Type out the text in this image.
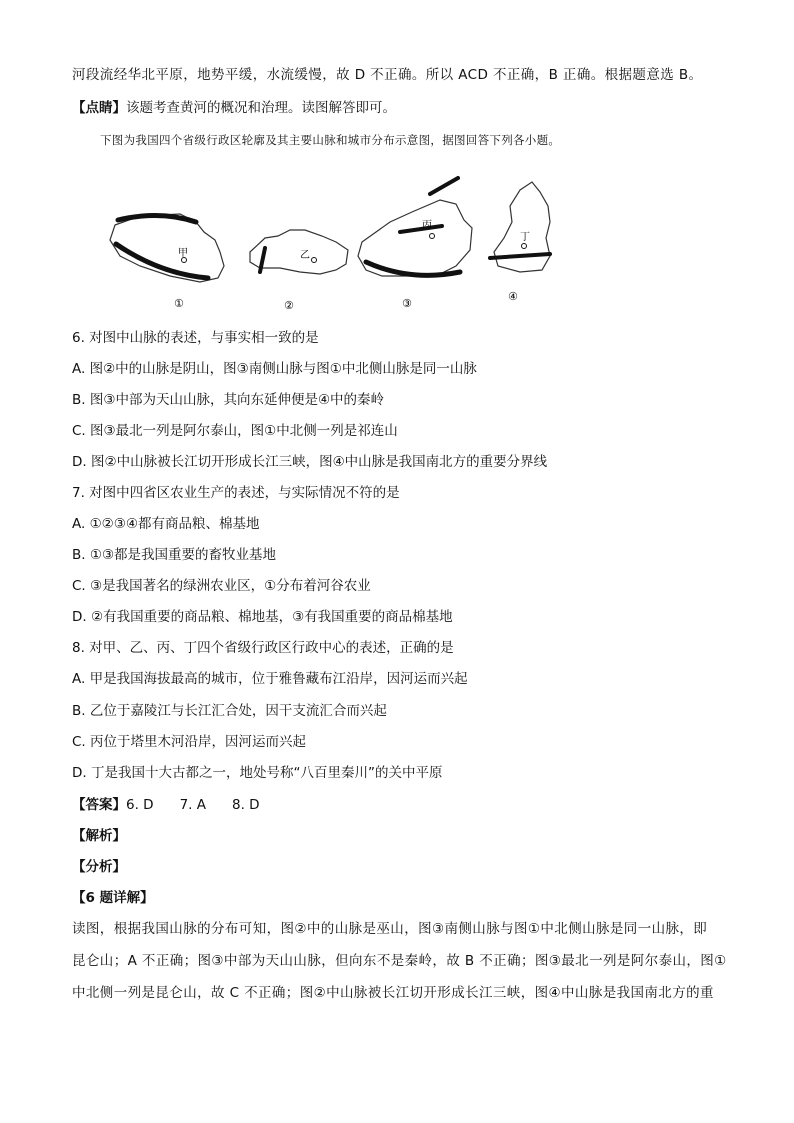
河段流经华北平原，地势平缓，水流缓慢，故 D 不正确。所以 ACD 不正确，B 正确。根据题意选 B。
【点睛】该题考查黄河的概况和治理。读图解答即可。
下图为我国四个省级行政区轮廓及其主要山脉和城市分布示意图，据图回答下列各小题。
甲
①
乙
②
丙
③
丁
④
6. 对图中山脉的表述，与事实相一致的是
A. 图②中的山脉是阴山，图③南侧山脉与图①中北侧山脉是同一山脉
B. 图③中部为天山山脉，其向东延伸便是④中的秦岭
C. 图③最北一列是阿尔泰山，图①中北侧一列是祁连山
D. 图②中山脉被长江切开形成长江三峡，图④中山脉是我国南北方的重要分界线
7. 对图中四省区农业生产的表述，与实际情况不符的是
A. ①②③④都有商品粮、棉基地
B. ①③都是我国重要的畜牧业基地
C. ③是我国著名的绿洲农业区，①分布着河谷农业
D. ②有我国重要的商品粮、棉地基，③有我国重要的商品棉基地
8. 对甲、乙、丙、丁四个省级行政区行政中心的表述，正确的是
A. 甲是我国海拔最高的城市，位于雅鲁藏布江沿岸，因河运而兴起
B. 乙位于嘉陵江与长江汇合处，因干支流汇合而兴起
C. 丙位于塔里木河沿岸，因河运而兴起
D. 丁是我国十大古都之一，地处号称“八百里秦川”的关中平原
【答案】6. D 7. A 8. D
【解析】
【分析】
【6 题详解】
读图，根据我国山脉的分布可知，图②中的山脉是巫山，图③南侧山脉与图①中北侧山脉是同一山脉，即
昆仑山；A 不正确；图③中部为天山山脉，但向东不是秦岭，故 B 不正确；图③最北一列是阿尔泰山，图①
中北侧一列是昆仑山，故 C 不正确；图②中山脉被长江切开形成长江三峡，图④中山脉是我国南北方的重
